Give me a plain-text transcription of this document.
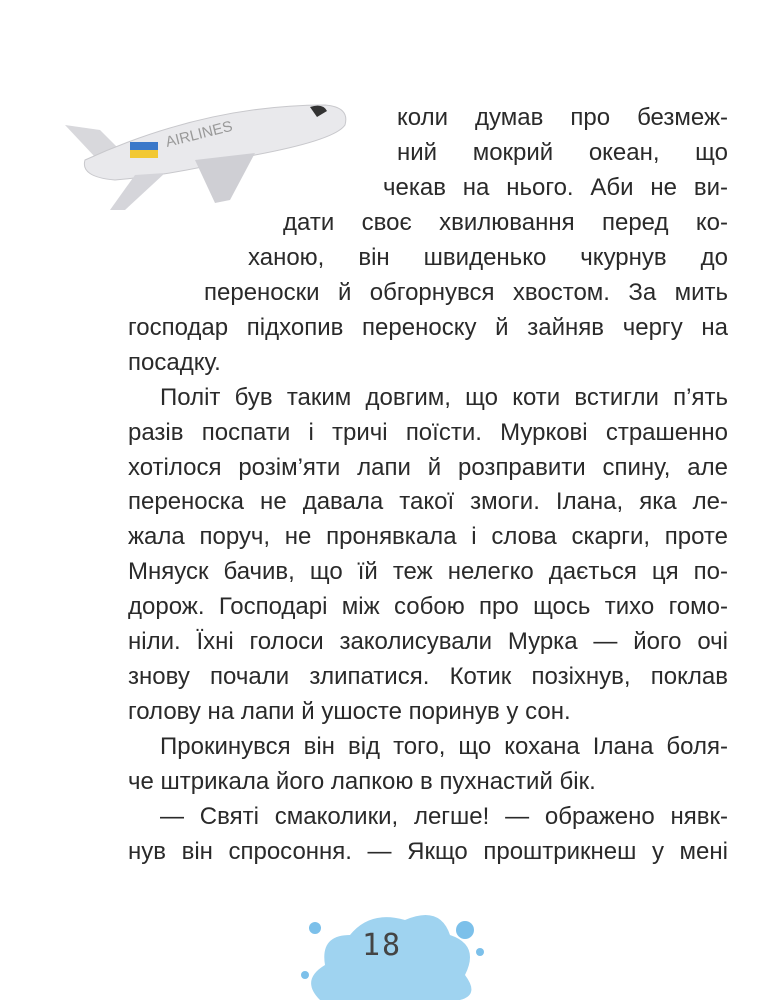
AIRLINES
коли думав про безмеж-
ний мокрий океан, що
чекав на нього. Аби не ви-
дати своє хвилювання перед ко-
ханою, він швиденько чкурнув до
переноски й обгорнувся хвостом. За мить
господар підхопив переноску й зайняв чергу на
посадку.
Політ був таким довгим, що коти встигли п’ять
разів поспати і тричі поїсти. Муркові страшенно
хотілося розім’яти лапи й розправити спину, але
переноска не давала такої змоги. Ілана, яка ле-
жала поруч, не пронявкала і слова скарги, проте
Мняуск бачив, що їй теж нелегко дається ця по-
дорож. Господарі між собою про щось тихо гомо-
ніли. Їхні голоси заколисували Мурка — його очі
знову почали злипатися. Котик позіхнув, поклав
голову на лапи й ушосте поринув у сон.
Прокинувся він від того, що кохана Ілана боля-
че штрикала його лапкою в пухнастий бік.
— Святі смаколики, легше! — ображено нявк-
нув він спросоння. — Якщо проштрикнеш у мені
18
